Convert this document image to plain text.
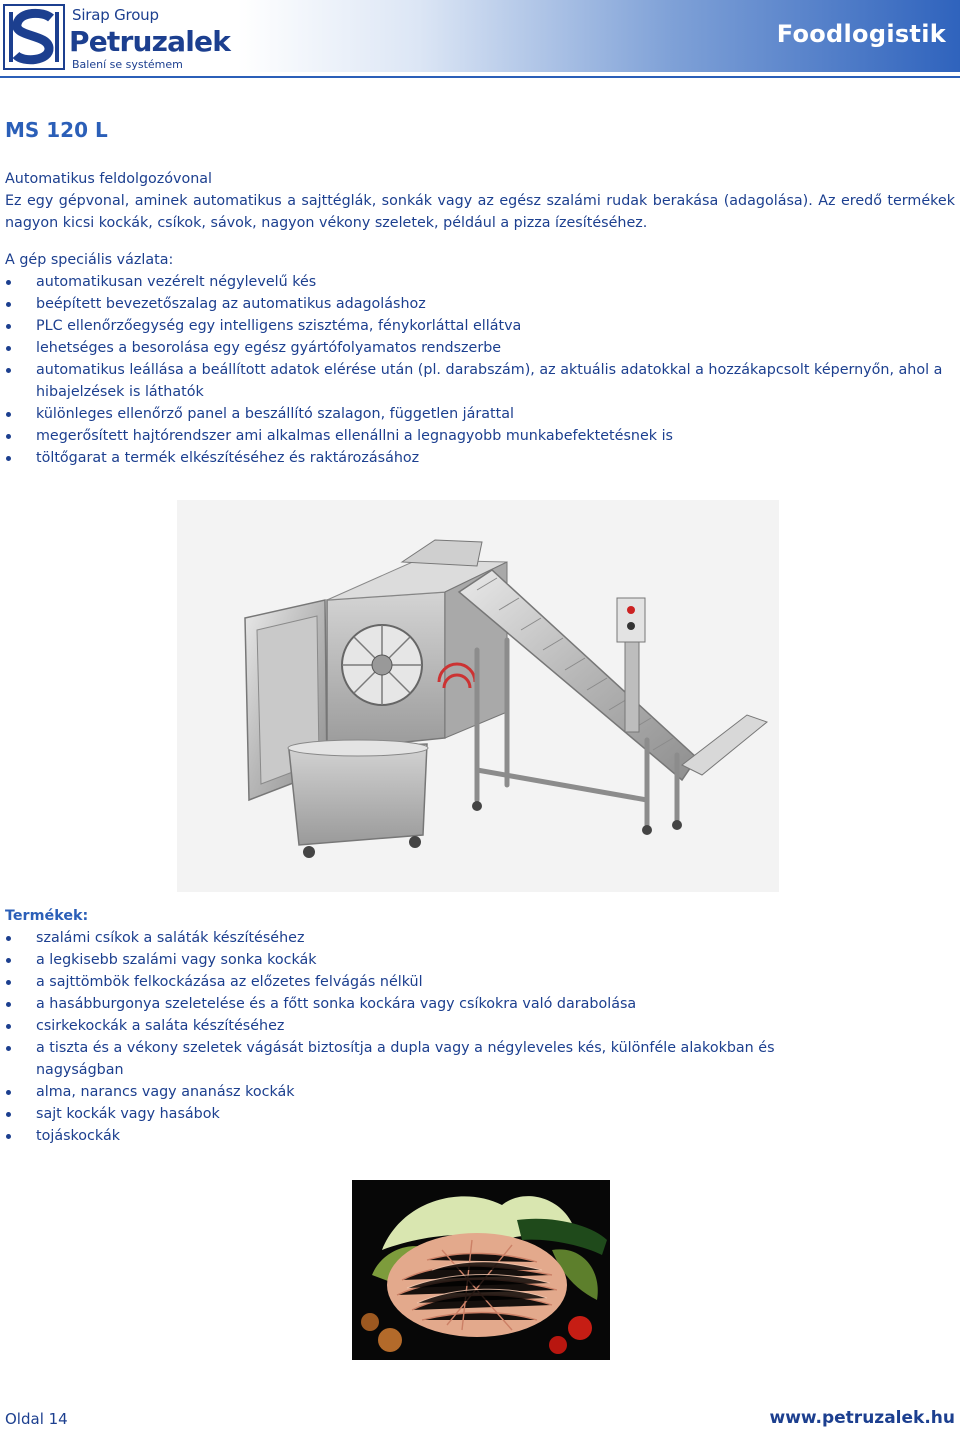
Sirap Group
Petruzalek
Balení se systémem
Foodlogistik
MS 120 L

Automatikus feldolgozóvonal

Ez egy gépvonal, aminek automatikus a sajttéglák, sonkák vagy az egész szalámi rudak berakása (adagolása). Az eredő termékek nagyon kicsi kockák, csíkok, sávok, nagyon vékony szeletek, például a pizza ízesítéséhez.

A gép speciális vázlata:
automatikusan vezérelt négylevelű kés
beépített bevezetőszalag az automatikus adagoláshoz
PLC ellenőrzőegység egy intelligens szisztéma, fénykorláttal ellátva
lehetséges a besorolása egy egész gyártófolyamatos rendszerbe
automatikus leállása a beállított adatok elérése után (pl. darabszám), az aktuális adatokkal a hozzákapcsolt képernyőn, ahol a hibajelzések is láthatók
különleges ellenőrző panel a beszállító szalagon, független járattal
megerősített hajtórendszer ami alkalmas ellenállni a legnagyobb munkabefektetésnek is
töltőgarat a termék elkészítéséhez és raktározásához
Termékek:
szalámi csíkok a saláták készítéséhez
a legkisebb szalámi vagy sonka kockák
a sajttömbök felkockázása az előzetes felvágás nélkül
a hasábburgonya szeletelése és a főtt sonka kockára vagy csíkokra való darabolása
csirkekockák a saláta készítéséhez
a tiszta és a vékony szeletek vágását biztosítja a dupla vagy a négyleveles kés, különféle alakokban és nagyságban
alma, narancs vagy ananász kockák
sajt kockák vagy hasábok
tojáskockák
Oldal 14	www.petruzalek.hu
